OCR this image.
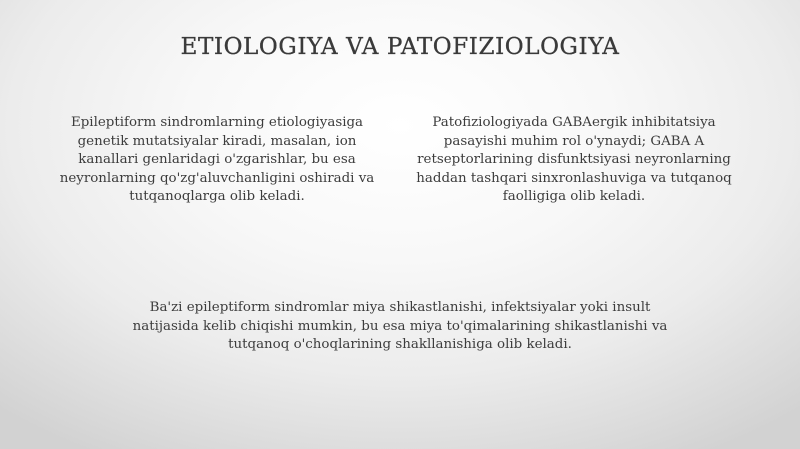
ETIOLOGIYA VA PATOFIZIOLOGIYA

Epileptiform sindromlarning etiologiyasiga genetik mutatsiyalar kiradi, masalan, ion kanallari genlaridagi o'zgarishlar, bu esa neyronlarning qo'zg'aluvchanligini oshiradi va tutqanoqlarga olib keladi.

Patofiziologiyada GABAergik inhibitatsiya pasayishi muhim rol o'ynaydi; GABA A retseptorlarining disfunktsiyasi neyronlarning haddan tashqari sinxronlashuviga va tutqanoq faolligiga olib keladi.

Ba'zi epileptiform sindromlar miya shikastlanishi, infektsiyalar yoki insult natijasida kelib chiqishi mumkin, bu esa miya to'qimalarining shikastlanishi va tutqanoq o'choqlarining shakllanishiga olib keladi.
